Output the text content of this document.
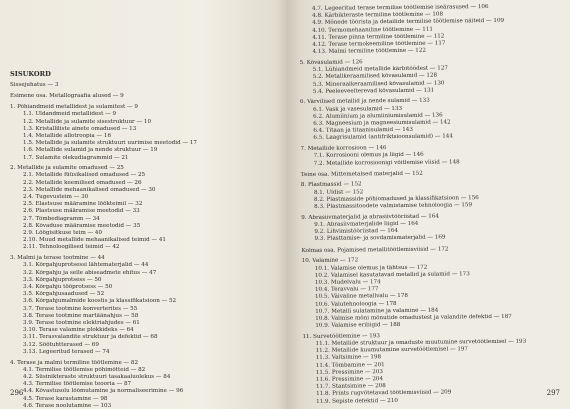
SISUKORD
Sissejuhatus — 3
Esimene osa. Metallograafia alused — 9
1. Põhiandmeid metallidest ja sulamitest — 9
1.1. Üldandmeid metallidest — 9
1.2. Metallide ja sulamite sisestruktuur — 10
1.3. Kristalliliste ainete omadused — 13
1.4. Metallide allotroopia — 16
1.5. Metallide ja sulamite struktuuri uurimise meetodid — 17
1.6. Metallide sulamid ja nende struktuur — 19
1.7. Sulamite olekudiagrammid — 21
2. Metallide ja sulamite omadused — 25
2.1. Metallide füüsikalised omadused — 25
2.2. Metallide keemilised omadused — 26
2.3. Metallide mehaanikalised omadused — 30
2.4. Tugevusteim — 30
2.5. Elastsuse määramine löökteimil — 32
2.6. Plastsuse määramise meetodid — 33
2.7. Tõmbediagramm — 34
2.8. Kõvaduse määramise meetodid — 35
2.9. Löögisitkuse teim — 40
2.10. Muud metallide mehaanikalised teimid — 41
2.11. Tehnoloogilised teimid — 42
3. Malmi ja terase tootmine — 44
3.1. Kõrgahjuprotsessi lähtematerjalid — 44
3.2. Kõrgahju ja selle abiseadmete ehitus — 47
3.3. Kõrgahjuprotsess — 50
3.4. Kõrgahju tööprotsess — 50
3.5. Kõrgahjusaadused — 52
3.6. Kõrgahjumalmide koostis ja klassifikatsioon — 52
3.7. Terase tootmine konverterites — 55
3.8. Terase tootmine martäänahjus — 58
3.9. Terase tootmine elektriahjudes — 61
3.10. Terase valamine plokkideks — 64
3.11. Terasvalandite struktuur ja defektid — 68
3.12. Söötuhtterased — 69
3.13. Legeeritud terased — 74
4. Terase ja malmi termiline töötlemine — 82
4.1. Termilise töötlemise põhimõtteid — 82
4.2. Süsinikteraste struktuuri tasakaaluolekus — 84
4.3. Termilise töötlemise teooria — 87
4.4. Kõvastusolu lõõmutamine ja normaliseerimine — 96
4.5. Terase karastamine — 98
4.6. Terase noolutamine — 103
296
4.7. Legeeritud terase termilise töötlemise iseärasused — 106
4.8. Kärbikteraste termiline töötlemine — 108
4.9. Mõnede töörista ja detailide termilise töötlemise näiteid — 109
4.10. Termomehaaniline töötlemine — 111
4.11. Terase pinna termiline töötlemine — 112
4.12. Terase termokeemiline töötlemine — 117
4.13. Malmi termiline töötlemine — 122
5. Kõvasulamid — 126
5.1. Lühiandmeid metallide kärbitöödest — 127
5.2. Metallkeraamilised kõvasulamid — 128
5.3. Mineraalkeraamilised kõvasulamid — 130
5.4. Peeleeveelterevad kõvasulamid — 131
6. Värvilised metallid ja nende sulamid — 133
6.1. Vask ja vasesulamid — 133
6.2. Alumiinium ja alumiiniumisulamid — 136
6.3. Magneesium ja magneesiumisulamid — 142
6.4. Titaan ja titaanisulamid — 143
6.5. Laagrisulamid (antifriktsioonsulamid) — 144
7. Metallide korrosioon — 146
7.1. Korrosiooni olemus ja liigid — 146
7.2. Metallide korrosioonigi võitlemise viisid — 148
Teine osa. Mittemetalsed materjalid — 152
8. Plastmassid — 152
8.1. Üldist — 152
8.2. Plastmasside põhiomadused ja klassifikatsioon — 156
8.3. Plastmassitoodete valmistamise tehnoloogia — 159
9. Abrasiivmaterjalid ja abrasiivtööriistad — 164
9.1. Abrasiivmaterjalide liigid — 164
9.2. Lihvimistööriistad — 164
9.3. Plasttamise- ja sovdamismaterjalid — 169
Kolmas osa. Pojamised metallitöötlemisviisid — 172
10. Valamine — 172
10.1. Valamise olemus ja tähtsus — 172
10.2. Valamisel kasutatavad metallid ja sulamid — 173
10.3. Mudelvalu — 174
10.4. Teravvalu — 177
10.5. Väivaline metallvalu — 178
10.6. Valutehnoloogia — 178
10.7. Metalli sulatamine ja valamine — 184
10.8. Valmise mõni mõnutide omadustest ja valandite defektid — 187
10.9. Valamise eriliigid — 188
11. Survetöötlemine — 193
11.1. Metallide struktuur ja omaduste muutumine survetöötlemisel — 193
11.2. Metallide kuumutamine survetöötlemisel — 197
11.3. Valtsimine — 198
11.4. Tõmbamine — 201
11.5. Pressimine — 203
11.6. Pressimine — 204
11.7. Stantsimine — 208
11.8. Prints rugvõtetavad töötlemisviisid — 209
11.9. Sepiste defektid — 210
297
